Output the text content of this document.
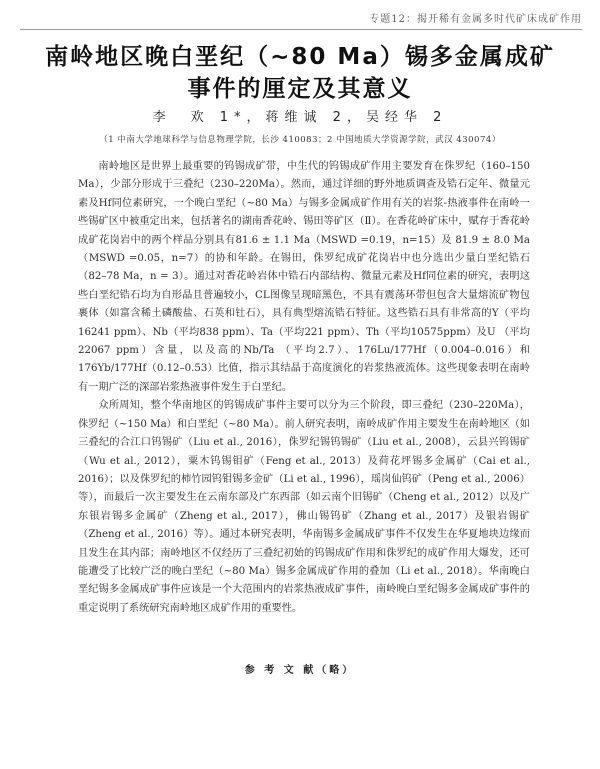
专题12：揭开稀有金属多时代矿床成矿作用
南岭地区晚白垩纪（~80 Ma）锡多金属成矿
事件的厘定及其意义
李　欢 1*，蒋维诚 2，吴经华 2
（1 中南大学地球科学与信息物理学院，长沙 410083；2 中国地质大学资源学院，武汉 430074）

南岭地区是世界上最重要的钨锡成矿带，中生代的钨锡成矿作用主要发育在侏罗纪（160–150 Ma），少部分形成于三叠纪（230–220Ma）。然而，通过详细的野外地质调查及锆石定年、微量元素及Hf同位素研究，一个晚白垩纪（~80 Ma）与锡多金属成矿作用有关的岩浆-热液事件在南岭一些锡矿区中被重定出来，包括著名的湖南香花岭、锡田等矿区（Ⅱ）。在香花岭矿床中，赋存于香花岭成矿花岗岩中的两个样品分别具有81.6 ± 1.1 Ma（MSWD =0.19，n=15）及 81.9 ± 8.0 Ma（MSWD =0.05，n=7）的协和年龄。在锡田，侏罗纪成矿花岗岩中也分选出少量白垩纪锆石（82–78 Ma，n = 3）。通过对香花岭岩体中锆石内部结构、微量元素及Hf同位素的研究，表明这些白垩纪锆石均为自形晶且普遍较小，CL图像呈现暗黑色，不具有震荡环带但包含大量熔流矿物包裹体（如富含稀土磷酸盐、石英和钍石），具有典型熔流锆石特征。这些锆石具有非常高的Y（平均16241 ppm）、Nb（平均838 ppm）、Ta（平均221 ppm）、Th（平均10575ppm）及U （平均22067 ppm）含量，以及高的Nb/Ta （平均2.7）、176Lu/177Hf（0.004–0.016）和176Yb/177Hf（0.12–0.53）比值，指示其结晶于高度演化的岩浆热液流体。这些现象表明在南岭有一期广泛的深部岩浆热液事件发生于白垩纪。

众所周知，整个华南地区的钨锡成矿事件主要可以分为三个阶段，即三叠纪（230–220Ma），侏罗纪（~150 Ma）和白垩纪（~80 Ma）。前人研究表明，南岭成矿作用主要发生在南岭地区（如三叠纪的合江口钨锡矿（Liu et al., 2016），侏罗纪锡钨锡矿（Liu et al., 2008），云县兴钨锡矿（Wu et al., 2012），粟木钨锡钼矿（Feng et al., 2013）及荷花坪锡多金属矿（Cai et al., 2016）；以及侏罗纪的柿竹园钨钼锡多金矿（Li et al., 1996），瑶岗仙钨矿（Peng et al., 2006）等），而最后一次主要发生在云南东部及广东西部（如云南个旧锡矿（Cheng et al., 2012）以及广东银岩锡多金属矿（Zheng et al., 2017），佛山锡钨矿（Zhang et al., 2017）及银岩锡矿（Zheng et al., 2016）等）。通过本研究表明，华南锡多金属成矿事件不仅发生在华夏地块边缘而且发生在其内部；南岭地区不仅经历了三叠纪初始的钨锡成矿作用和侏罗纪的成矿作用大爆发，还可能遭受了比较广泛的晚白垩纪（~80 Ma）锡多金属成矿作用的叠加（Li et al., 2018）。华南晚白垩纪锡多金属成矿事件应该是一个大范围内的岩浆热液成矿事件，南岭晚白垩纪锡多金属成矿事件的重定说明了系统研究南岭地区成矿作用的重要性。

参 考 文 献（略）
